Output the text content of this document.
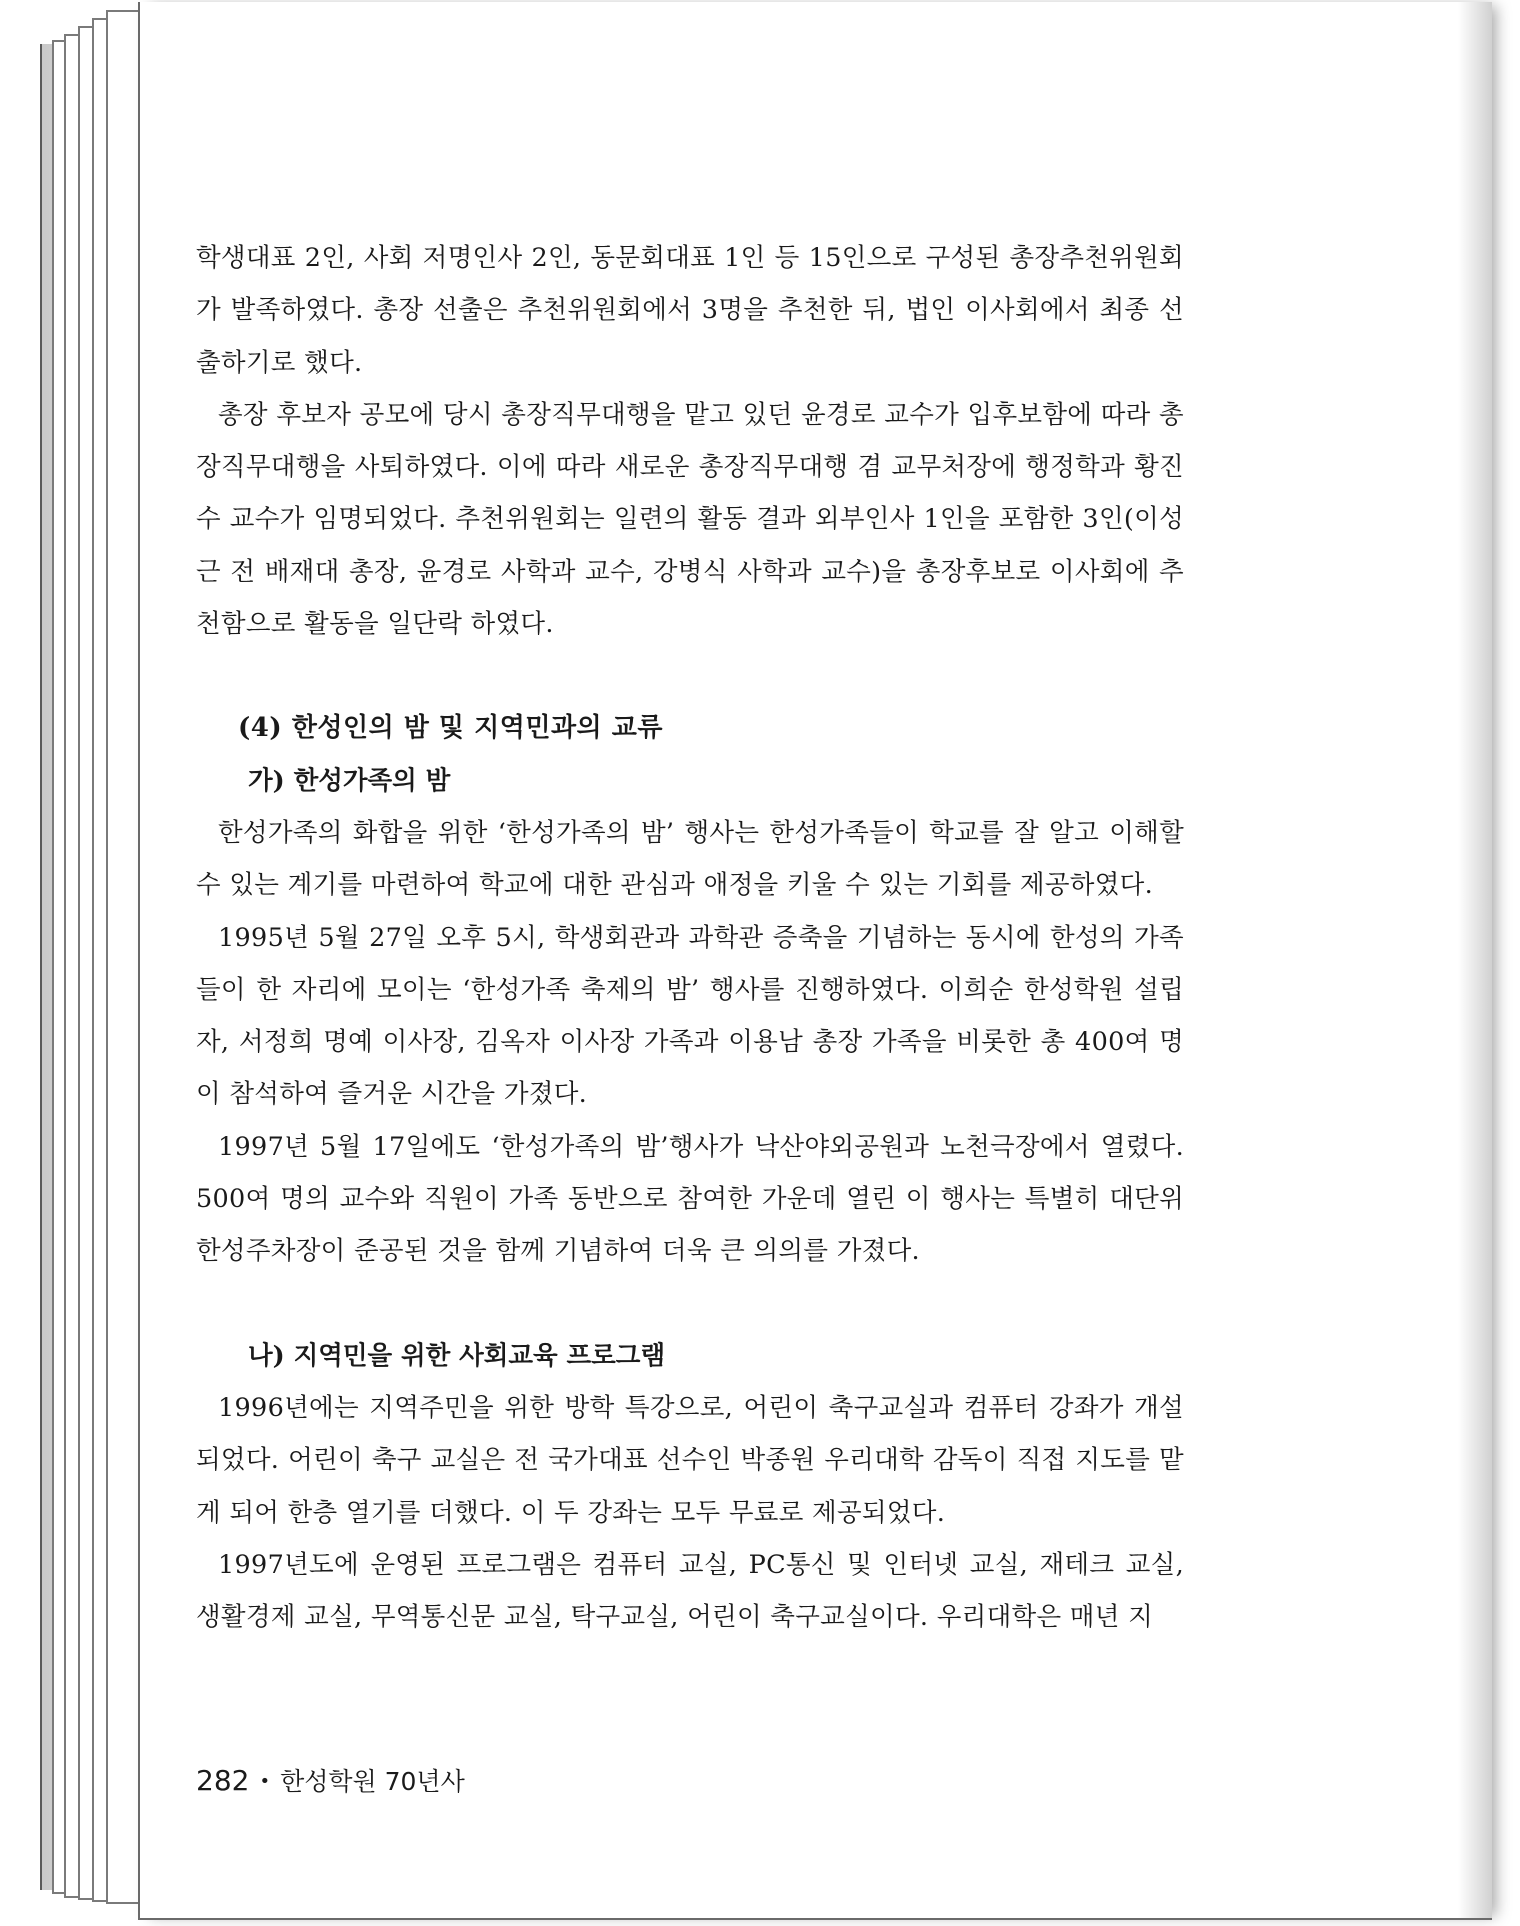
학생대표 2인, 사회 저명인사 2인, 동문회대표 1인 등 15인으로 구성된 총장추천위원회가 발족하였다. 총장 선출은 추천위원회에서 3명을 추천한 뒤, 법인 이사회에서 최종 선출하기로 했다.

총장 후보자 공모에 당시 총장직무대행을 맡고 있던 윤경로 교수가 입후보함에 따라 총장직무대행을 사퇴하였다. 이에 따라 새로운 총장직무대행 겸 교무처장에 행정학과 황진수 교수가 임명되었다. 추천위원회는 일련의 활동 결과 외부인사 1인을 포함한 3인(이성근 전 배재대 총장, 윤경로 사학과 교수, 강병식 사학과 교수)을 총장후보로 이사회에 추천함으로 활동을 일단락 하였다.

(4) 한성인의 밤 및 지역민과의 교류
가) 한성가족의 밤

한성가족의 화합을 위한 ‘한성가족의 밤’ 행사는 한성가족들이 학교를 잘 알고 이해할 수 있는 계기를 마련하여 학교에 대한 관심과 애정을 키울 수 있는 기회를 제공하였다.

1995년 5월 27일 오후 5시, 학생회관과 과학관 증축을 기념하는 동시에 한성의 가족들이 한 자리에 모이는 ‘한성가족 축제의 밤’ 행사를 진행하였다. 이희순 한성학원 설립자, 서정희 명예 이사장, 김옥자 이사장 가족과 이용남 총장 가족을 비롯한 총 400여 명이 참석하여 즐거운 시간을 가졌다.

1997년 5월 17일에도 ‘한성가족의 밤’행사가 낙산야외공원과 노천극장에서 열렸다. 500여 명의 교수와 직원이 가족 동반으로 참여한 가운데 열린 이 행사는 특별히 대단위 한성주차장이 준공된 것을 함께 기념하여 더욱 큰 의의를 가졌다.

나) 지역민을 위한 사회교육 프로그램

1996년에는 지역주민을 위한 방학 특강으로, 어린이 축구교실과 컴퓨터 강좌가 개설되었다. 어린이 축구 교실은 전 국가대표 선수인 박종원 우리대학 감독이 직접 지도를 맡게 되어 한층 열기를 더했다. 이 두 강좌는 모두 무료로 제공되었다.

1997년도에 운영된 프로그램은 컴퓨터 교실, PC통신 및 인터넷 교실, 재테크 교실, 생활경제 교실, 무역통신문 교실, 탁구교실, 어린이 축구교실이다. 우리대학은 매년 지

282 • 한성학원 70년사
